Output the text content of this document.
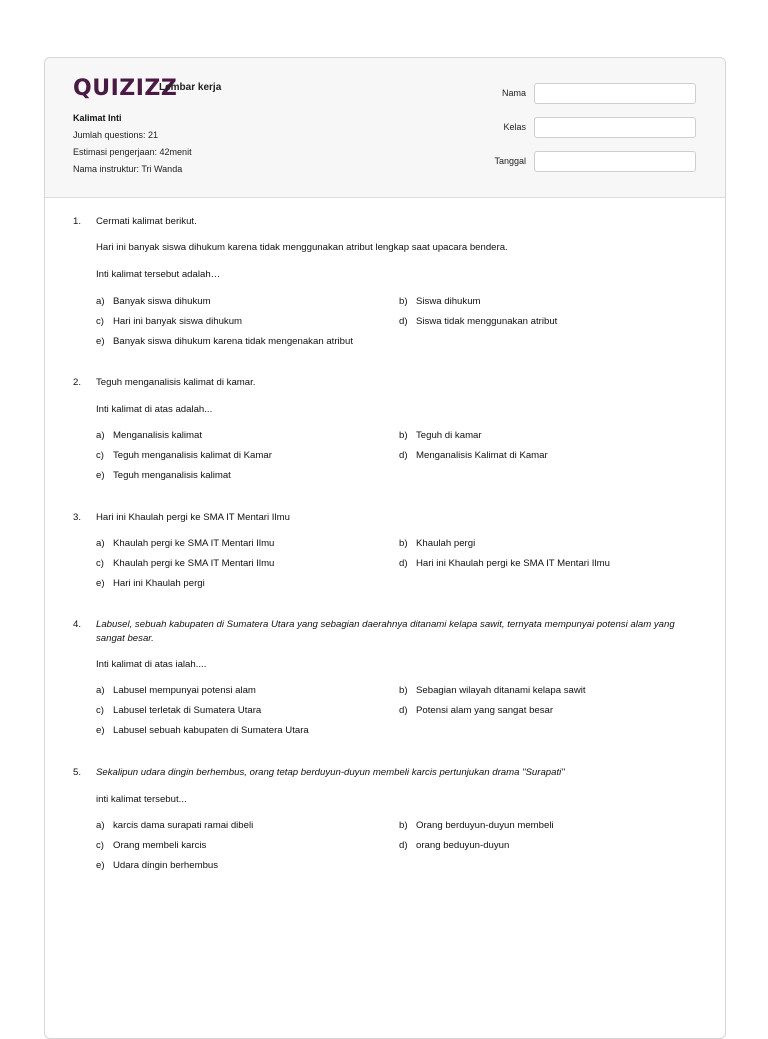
QUIZIZZ
Lembar kerja
Kalimat Inti
Jumlah questions: 21
Estimasi pengerjaan: 42menit
Nama instruktur: Tri Wanda
Nama
Kelas
Tanggal
1.	Cermati kalimat berikut.
Hari ini banyak siswa dihukum karena tidak menggunakan atribut lengkap saat upacara bendera.
Inti kalimat tersebut adalah…
a) Banyak siswa dihukum	b) Siswa dihukum
c) Hari ini banyak siswa dihukum	d) Siswa tidak menggunakan atribut
e) Banyak siswa dihukum karena tidak mengenakan atribut
2.	Teguh menganalisis kalimat di kamar.
Inti kalimat di atas adalah...
a) Menganalisis kalimat	b) Teguh di kamar
c) Teguh menganalisis kalimat di Kamar	d) Menganalisis Kalimat di Kamar
e) Teguh menganalisis kalimat
3.	Hari ini Khaulah pergi ke SMA IT Mentari Ilmu
a) Khaulah pergi ke SMA IT Mentari Ilmu	b) Khaulah pergi
c) Khaulah pergi ke SMA IT Mentari Ilmu	d) Hari ini Khaulah pergi ke SMA IT Mentari Ilmu
e) Hari ini Khaulah pergi
4.	Labusel, sebuah kabupaten di Sumatera Utara yang sebagian daerahnya ditanami kelapa sawit, ternyata mempunyai potensi alam yang sangat besar.
Inti kalimat di atas ialah....
a) Labusel mempunyai potensi alam	b) Sebagian wilayah ditanami kelapa sawit
c) Labusel terletak di Sumatera Utara	d) Potensi alam yang sangat besar
e) Labusel sebuah kabupaten di Sumatera Utara
5.	Sekalipun udara dingin berhembus, orang tetap berduyun-duyun membeli karcis pertunjukan drama "Surapati"
inti kalimat tersebut...
a) karcis dama surapati ramai dibeli	b) Orang berduyun-duyun membeli
c) Orang membeli karcis	d) orang beduyun-duyun
e) Udara dingin berhembus
